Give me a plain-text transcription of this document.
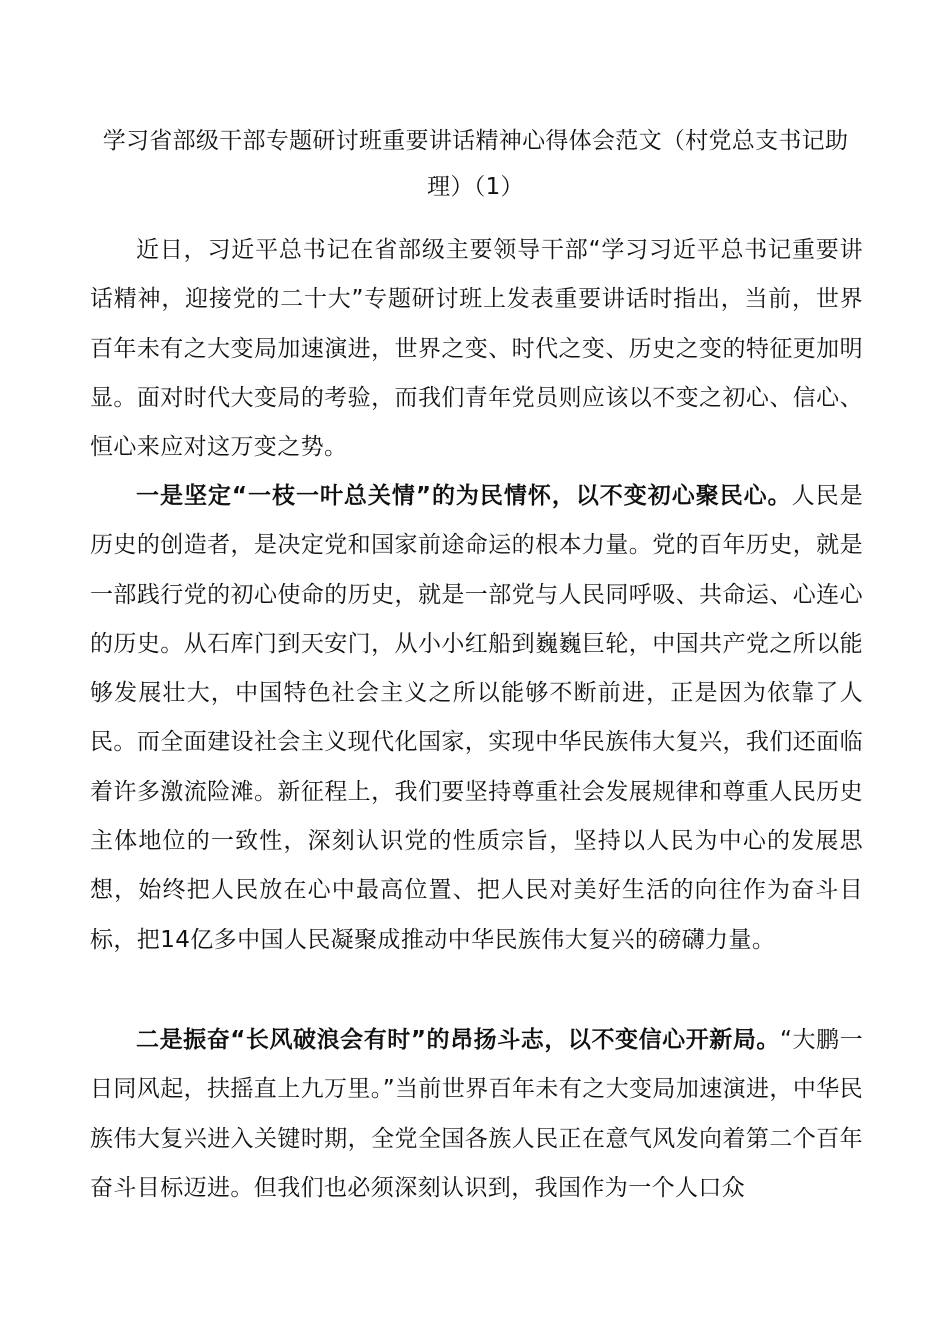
学习省部级干部专题研讨班重要讲话精神心得体会范文（村党总支书记助理）（1）

近日，习近平总书记在省部级主要领导干部“学习习近平总书记重要讲话精神，迎接党的二十大”专题研讨班上发表重要讲话时指出，当前，世界百年未有之大变局加速演进，世界之变、时代之变、历史之变的特征更加明显。面对时代大变局的考验，而我们青年党员则应该以不变之初心、信心、恒心来应对这万变之势。

一是坚定“一枝一叶总关情”的为民情怀，以不变初心聚民心。人民是历史的创造者，是决定党和国家前途命运的根本力量。党的百年历史，就是一部践行党的初心使命的历史，就是一部党与人民同呼吸、共命运、心连心的历史。从石库门到天安门，从小小红船到巍巍巨轮，中国共产党之所以能够发展壮大，中国特色社会主义之所以能够不断前进，正是因为依靠了人民。而全面建设社会主义现代化国家，实现中华民族伟大复兴，我们还面临着许多激流险滩。新征程上，我们要坚持尊重社会发展规律和尊重人民历史主体地位的一致性，深刻认识党的性质宗旨，坚持以人民为中心的发展思想，始终把人民放在心中最高位置、把人民对美好生活的向往作为奋斗目标，把14亿多中国人民凝聚成推动中华民族伟大复兴的磅礴力量。

二是振奋“长风破浪会有时”的昂扬斗志，以不变信心开新局。“大鹏一日同风起，扶摇直上九万里。”当前世界百年未有之大变局加速演进，中华民族伟大复兴进入关键时期，全党全国各族人民正在意气风发向着第二个百年奋斗目标迈进。但我们也必须深刻认识到，我国作为一个人口众
